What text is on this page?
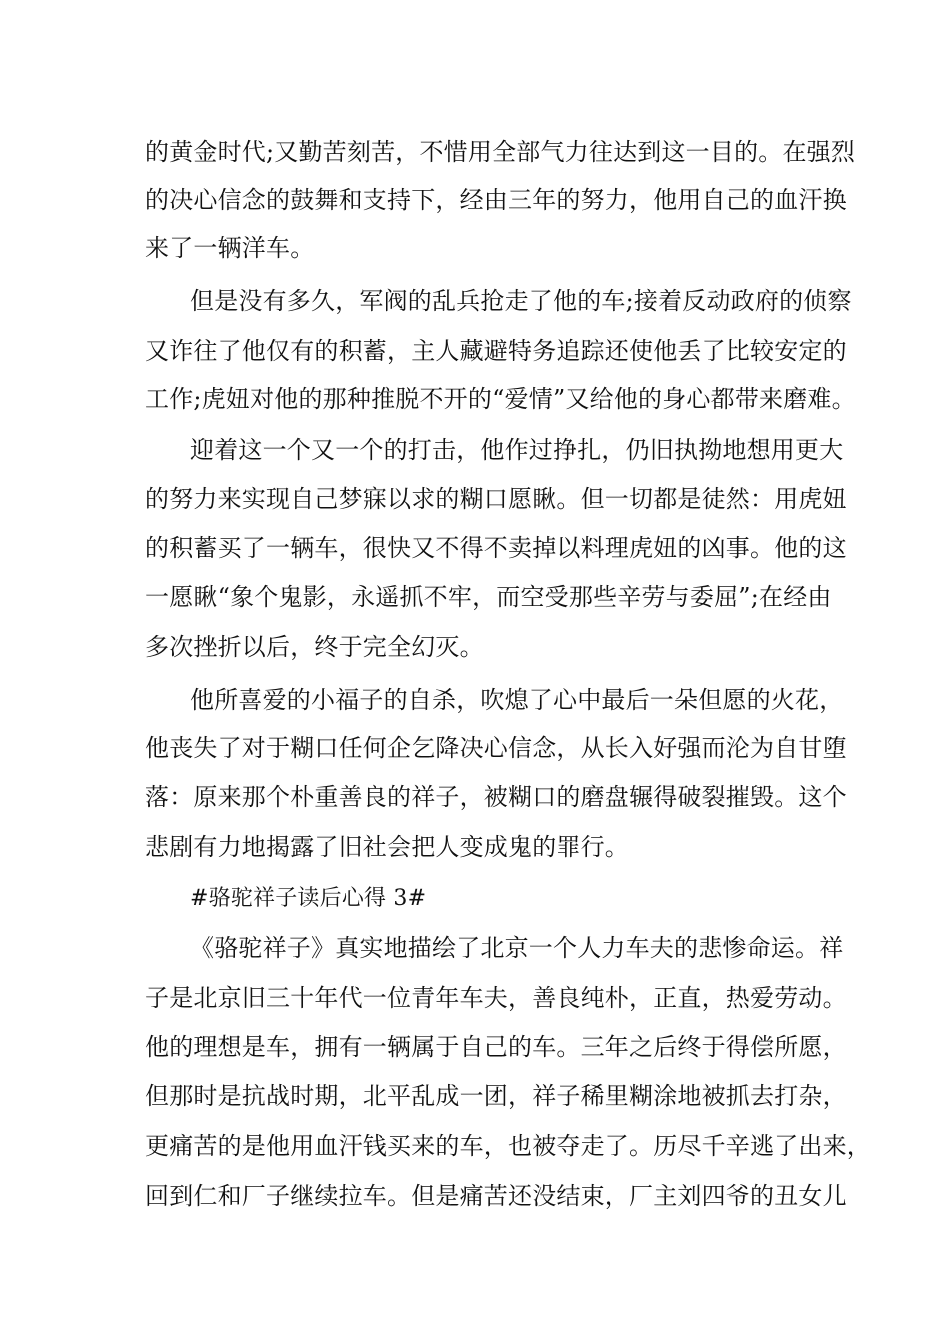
的黄金时代;又勤苦刻苦，不惜用全部气力往达到这一目的。在强烈
的决心信念的鼓舞和支持下，经由三年的努力，他用自己的血汗换
来了一辆洋车。
但是没有多久，军阀的乱兵抢走了他的车;接着反动政府的侦察
又诈往了他仅有的积蓄，主人藏避特务追踪还使他丢了比较安定的
工作;虎妞对他的那种推脱不开的“爱情”又给他的身心都带来磨难。
迎着这一个又一个的打击，他作过挣扎，仍旧执拗地想用更大
的努力来实现自己梦寐以求的糊口愿瞅。但一切都是徒然：用虎妞
的积蓄买了一辆车，很快又不得不卖掉以料理虎妞的凶事。他的这
一愿瞅“象个鬼影，永遥抓不牢，而空受那些辛劳与委屈”;在经由
多次挫折以后，终于完全幻灭。
他所喜爱的小福子的自杀，吹熄了心中最后一朵但愿的火花，
他丧失了对于糊口任何企乞降决心信念，从长入好强而沦为自甘堕
落：原来那个朴重善良的祥子，被糊口的磨盘辗得破裂摧毁。这个
悲剧有力地揭露了旧社会把人变成鬼的罪行。
#骆驼祥子读后心得 3#
《骆驼祥子》真实地描绘了北京一个人力车夫的悲惨命运。祥
子是北京旧三十年代一位青年车夫，善良纯朴，正直，热爱劳动。
他的理想是车，拥有一辆属于自己的车。三年之后终于得偿所愿，
但那时是抗战时期，北平乱成一团，祥子稀里糊涂地被抓去打杂，
更痛苦的是他用血汗钱买来的车，也被夺走了。历尽千辛逃了出来，
回到仁和厂子继续拉车。但是痛苦还没结束，厂主刘四爷的丑女儿
